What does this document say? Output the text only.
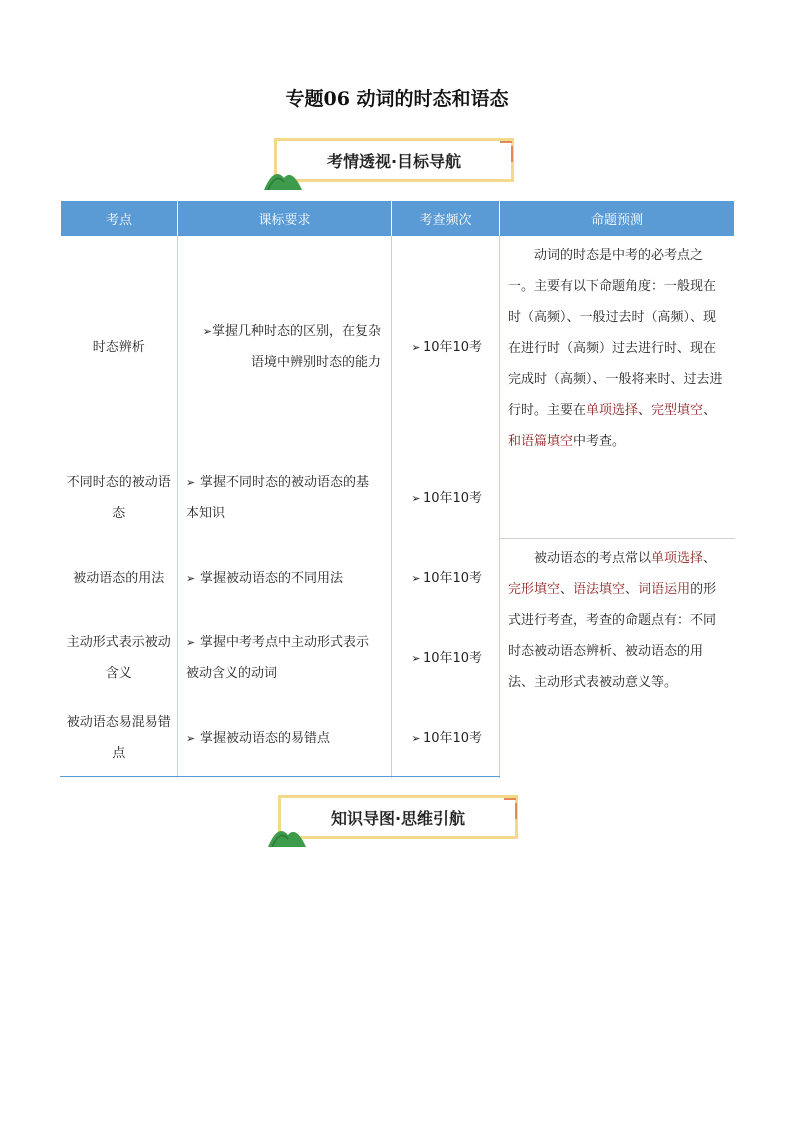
专题06 动词的时态和语态
考情透视·目标导航
考点	课标要求	考查频次	命题预测
时态辨析	➢掌握几种时态的区别，在复杂语境中辨别时态的能力	➢ 10年10考	动词的时态是中考的必考点之一。主要有以下命题角度：一般现在时（高频）、一般过去时（高频）、现在进行时（高频）过去进行时、现在完成时（高频）、一般将来时、过去进行时。主要在单项选择、完型填空、和语篇填空中考查。
不同时态的被动语态	➢ 掌握不同时态的被动语态的基本知识	➢ 10年10考	
被动语态的用法	➢ 掌握被动语态的不同用法	➢ 10年10考	被动语态的考点常以单项选择、完形填空、语法填空、词语运用的形式进行考查，考查的命题点有：不同时态被动语态辨析、被动语态的用法、主动形式表被动意义等。
主动形式表示被动含义	➢ 掌握中考考点中主动形式表示被动含义的动词	➢ 10年10考	
被动语态易混易错点	➢ 掌握被动语态的易错点	➢ 10年10考	
知识导图·思维引航
